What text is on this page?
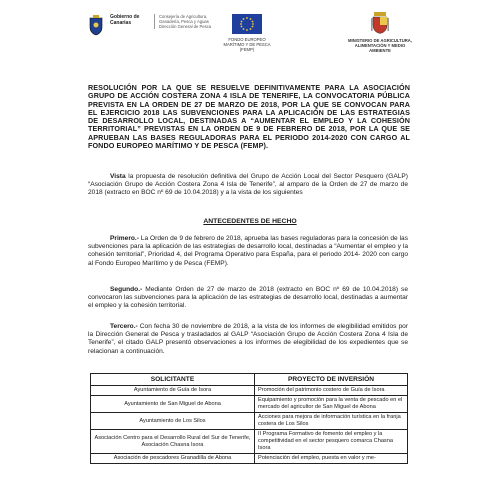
Gobierno de Canarias
Consejería de Agricultura, Ganadería, Pesca y Aguas
Dirección General de Pesca
FONDO EUROPEO
MARÍTIMO Y DE PESCA
(FEMP)
MINISTERIO DE AGRICULTURA,
ALIMENTACIÓN Y MEDIO
AMBIENTE
RESOLUCIÓN POR LA QUE SE RESUELVE DEFINITIVAMENTE PARA LA ASOCIACIÓN GRUPO DE ACCIÓN COSTERA ZONA 4 ISLA DE TENERIFE, LA CONVOCATORIA PÚBLICA PREVISTA EN LA ORDEN DE 27 DE MARZO DE 2018, POR LA QUE SE CONVOCAN PARA EL EJERCICIO 2018 LAS SUBVENCIONES PARA LA APLICACIÓN DE LAS ESTRATEGIAS DE DESARROLLO LOCAL, DESTINADAS A “AUMENTAR EL EMPLEO Y LA COHESIÓN TERRITORIAL” PREVISTAS EN LA ORDEN DE 9 DE FEBRERO DE 2018, POR LA QUE SE APRUEBAN LAS BASES REGULADORAS PARA EL PERIODO 2014-2020 CON CARGO AL FONDO EUROPEO MARÍTIMO Y DE PESCA (FEMP).
Vista la propuesta de resolución definitiva del Grupo de Acción Local del Sector Pesquero (GALP) “Asociación Grupo de Acción Costera Zona 4 Isla de Tenerife”, al amparo de la Orden de 27 de marzo de 2018 (extracto en BOC nº 69 de 10.04.2018) y a la vista de los siguientes
ANTECEDENTES DE HECHO
Primero.- La Orden de 9 de febrero de 2018, aprueba las bases reguladoras para la concesión de las subvenciones para la aplicación de las estrategias de desarrollo local, destinadas a “Aumentar el empleo y la cohesión territorial”, Prioridad 4, del Programa Operativo para España, para el periodo 2014- 2020 con cargo al Fondo Europeo Marítimo y de Pesca (FEMP).
Segundo.- Mediante Orden de 27 de marzo de 2018 (extracto en BOC nº 69 de 10.04.2018) se convocaron las subvenciones para la aplicación de las estrategias de desarrollo local, destinadas a aumentar el empleo y la cohesión territorial.
Tercero.- Con fecha 30 de noviembre de 2018, a la vista de los informes de elegibilidad emitidos por la Dirección General de Pesca y trasladados al GALP “Asociación Grupo de Acción Costera Zona 4 Isla de Tenerife”, el citado GALP presentó observaciones a los informes de elegibilidad de los expedientes que se relacionan a continuación.
SOLICITANTE	PROYECTO DE INVERSIÓN
Ayuntamiento de Guía de Isora	Promoción del patrimonio costero de Guía de Isora
Ayuntamiento de San Miguel de Abona	Equipamiento y promoción para la venta de pescado en el mercado del agricultor de San Miguel de Abona
Ayuntamiento de Los Silos	Acciones para mejora de información turística en la franja costera de Los Silos
Asociación Centro para el Desarrollo Rural del Sur de Tenerife, Asociación Chasna Isora	II Programa Formativo de fomento del empleo y la competitividad en el sector pesquero comarca Chasna Isora
Asociación de pescadores Granadilla de Abona	Potenciación del empleo, puesta en valor y me-
